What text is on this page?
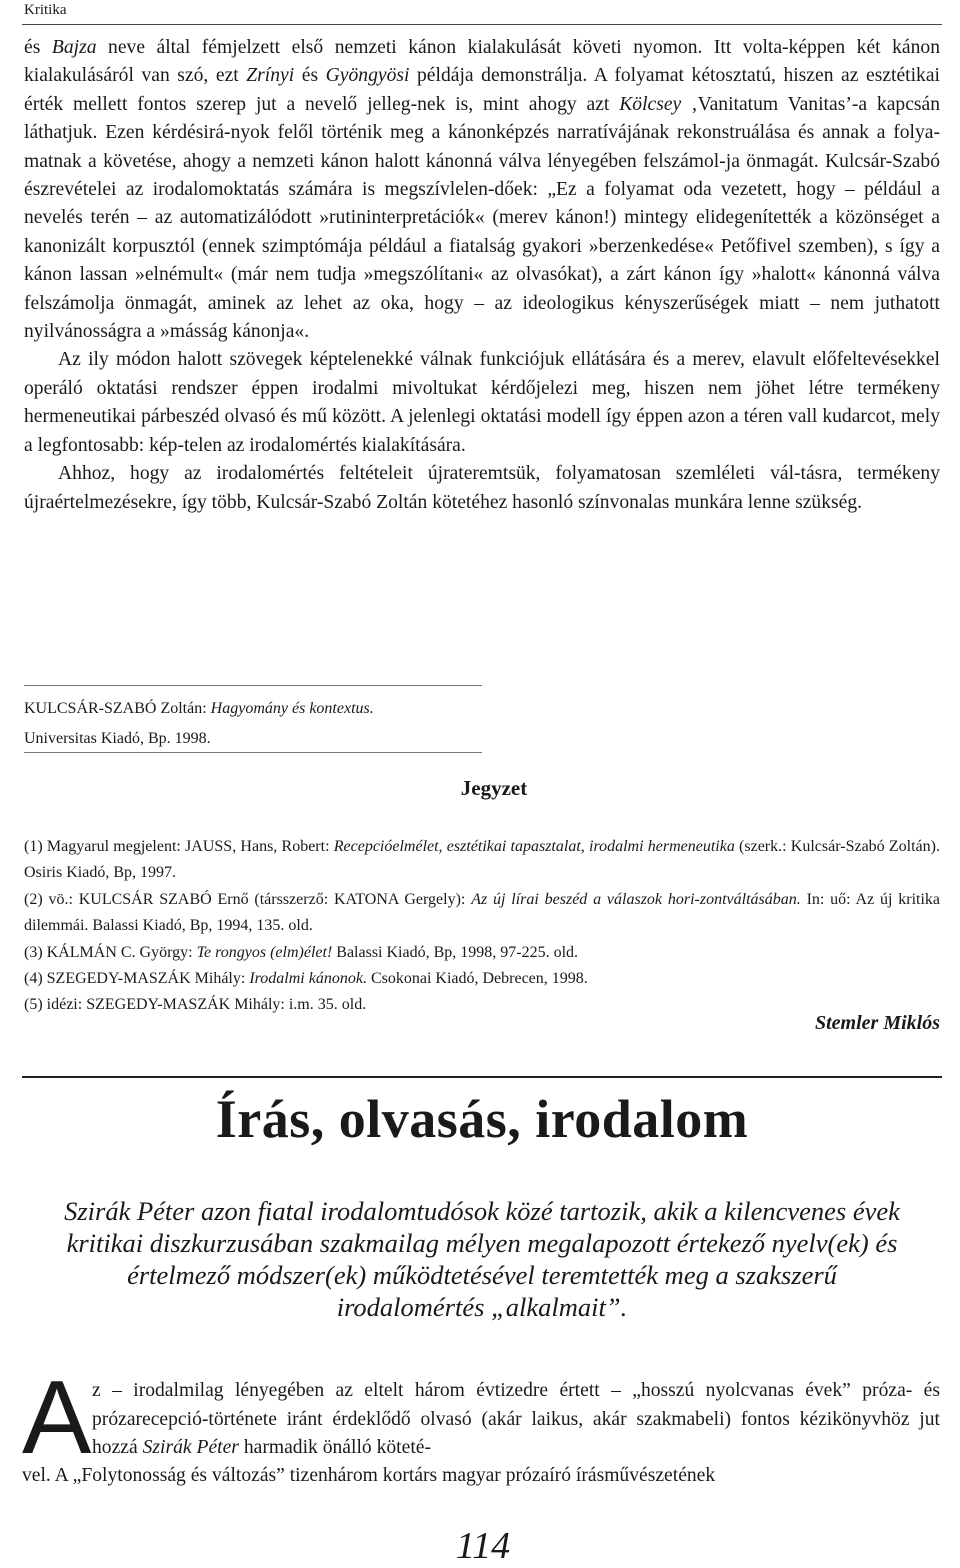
Kritika

és Bajza neve által fémjelzett első nemzeti kánon kialakulását követi nyomon. Itt volta-képpen két kánon kialakulásáról van szó, ezt Zrínyi és Gyöngyösi példája demonstrálja. A folyamat kétosztatú, hiszen az esztétikai érték mellett fontos szerep jut a nevelő jelleg-nek is, mint ahogy azt Kölcsey ‚Vanitatum Vanitas’-a kapcsán láthatjuk. Ezen kérdésirá-nyok felől történik meg a kánonképzés narratívájának rekonstruálása és annak a folya-matnak a követése, ahogy a nemzeti kánon halott kánonná válva lényegében felszámol-ja önmagát. Kulcsár-Szabó észrevételei az irodalomoktatás számára is megszívlelen-dőek: „Ez a folyamat oda vezetett, hogy – például a nevelés terén – az automatizálódott »rutininterpretációk« (merev kánon!) mintegy elidegenítették a közönséget a kanonizált korpusztól (ennek szimptómája például a fiatalság gyakori »berzenkedése« Petőfivel szemben), s így a kánon lassan »elnémult« (már nem tudja »megszólítani« az olvasókat), a zárt kánon így »halott« kánonná válva felszámolja önmagát, aminek az lehet az oka, hogy – az ideologikus kényszerűségek miatt – nem juthatott nyilvánosságra a »másság kánonja«.

Az ily módon halott szövegek képtelenekké válnak funkciójuk ellátására és a merev, elavult előfeltevésekkel operáló oktatási rendszer éppen irodalmi mivoltukat kérdőjelezi meg, hiszen nem jöhet létre termékeny hermeneutikai párbeszéd olvasó és mű között. A jelenlegi oktatási modell így éppen azon a téren vall kudarcot, mely a legfontosabb: kép-telen az irodalomértés kialakítására.

Ahhoz, hogy az irodalomértés feltételeit újrateremtsük, folyamatosan szemléleti vál-tásra, termékeny újraértelmezésekre, így több, Kulcsár-Szabó Zoltán kötetéhez hasonló színvonalas munkára lenne szükség.

KULCSÁR-SZABÓ Zoltán: Hagyomány és kontextus.
Universitas Kiadó, Bp. 1998.
Jegyzet

(1) Magyarul megjelent: JAUSS, Hans, Robert: Recepcióelmélet, esztétikai tapasztalat, irodalmi hermeneutika (szerk.: Kulcsár-Szabó Zoltán). Osiris Kiadó, Bp, 1997.

(2) vö.: KULCSÁR SZABÓ Ernő (társszerző: KATONA Gergely): Az új lírai beszéd a válaszok hori-zontváltásában. In: uő: Az új kritika dilemmái. Balassi Kiadó, Bp, 1994, 135. old.

(3) KÁLMÁN C. György: Te rongyos (elm)élet! Balassi Kiadó, Bp, 1998, 97-225. old.

(4) SZEGEDY-MASZÁK Mihály: Irodalmi kánonok. Csokonai Kiadó, Debrecen, 1998.

(5) idézi: SZEGEDY-MASZÁK Mihály: i.m. 35. old.

Stemler Miklós
Írás, olvasás, irodalom
Szirák Péter azon fiatal irodalomtudósok közé tartozik, akik a kilencvenes évek kritikai diszkurzusában szakmailag mélyen megalapozott értekező nyelv(ek) és értelmező módszer(ek) működtetésével teremtették meg a szakszerű irodalomértés „alkalmait”.
A z – irodalmilag lényegében az eltelt három évtizedre értett – „hosszú nyolcvanas évek” próza- és prózarecepció-története iránt érdeklődő olvasó (akár laikus, akár szakmabeli) fontos kézikönyvhöz jut hozzá Szirák Péter harmadik önálló köteté-

vel. A „Folytonosság és változás” tizenhárom kortárs magyar prózaíró írásművészetének
114
